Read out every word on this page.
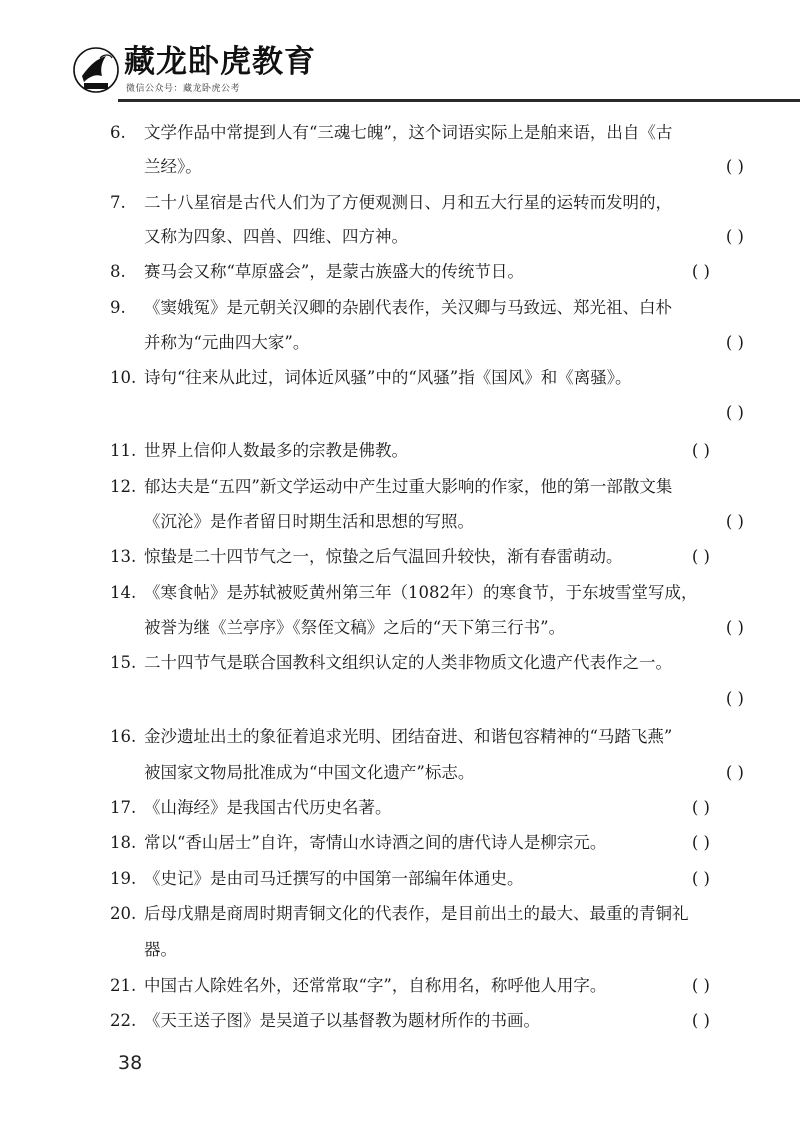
藏龙卧虎教育
微信公众号：藏龙卧虎公考
6. 文学作品中常提到人有“三魂七魄”，这个词语实际上是舶来语，出自《古
兰经》。	( )
7. 二十八星宿是古代人们为了方便观测日、月和五大行星的运转而发明的，
又称为四象、四兽、四维、四方神。	( )
8. 赛马会又称“草原盛会”，是蒙古族盛大的传统节日。	( )
9. 《窦娥冤》是元朝关汉卿的杂剧代表作，关汉卿与马致远、郑光祖、白朴
并称为“元曲四大家”。	( )
10. 诗句“往来从此过，词体近风骚”中的“风骚”指《国风》和《离骚》。
( )
11. 世界上信仰人数最多的宗教是佛教。	( )
12. 郁达夫是“五四”新文学运动中产生过重大影响的作家，他的第一部散文集
《沉沦》是作者留日时期生活和思想的写照。	( )
13. 惊蛰是二十四节气之一，惊蛰之后气温回升较快，渐有春雷萌动。	( )
14. 《寒食帖》是苏轼被贬黄州第三年（1082年）的寒食节，于东坡雪堂写成，
被誉为继《兰亭序》《祭侄文稿》之后的“天下第三行书”。	( )
15. 二十四节气是联合国教科文组织认定的人类非物质文化遗产代表作之一。
( )
16. 金沙遗址出土的象征着追求光明、团结奋进、和谐包容精神的“马踏飞燕”
被国家文物局批准成为“中国文化遗产”标志。	( )
17. 《山海经》是我国古代历史名著。	( )
18. 常以“香山居士”自许，寄情山水诗酒之间的唐代诗人是柳宗元。	( )
19. 《史记》是由司马迁撰写的中国第一部编年体通史。	( )
20. 后母戊鼎是商周时期青铜文化的代表作，是目前出土的最大、最重的青铜礼
器。
21. 中国古人除姓名外，还常常取“字”，自称用名，称呼他人用字。	( )
22. 《天王送子图》是吴道子以基督教为题材所作的书画。	( )
38
